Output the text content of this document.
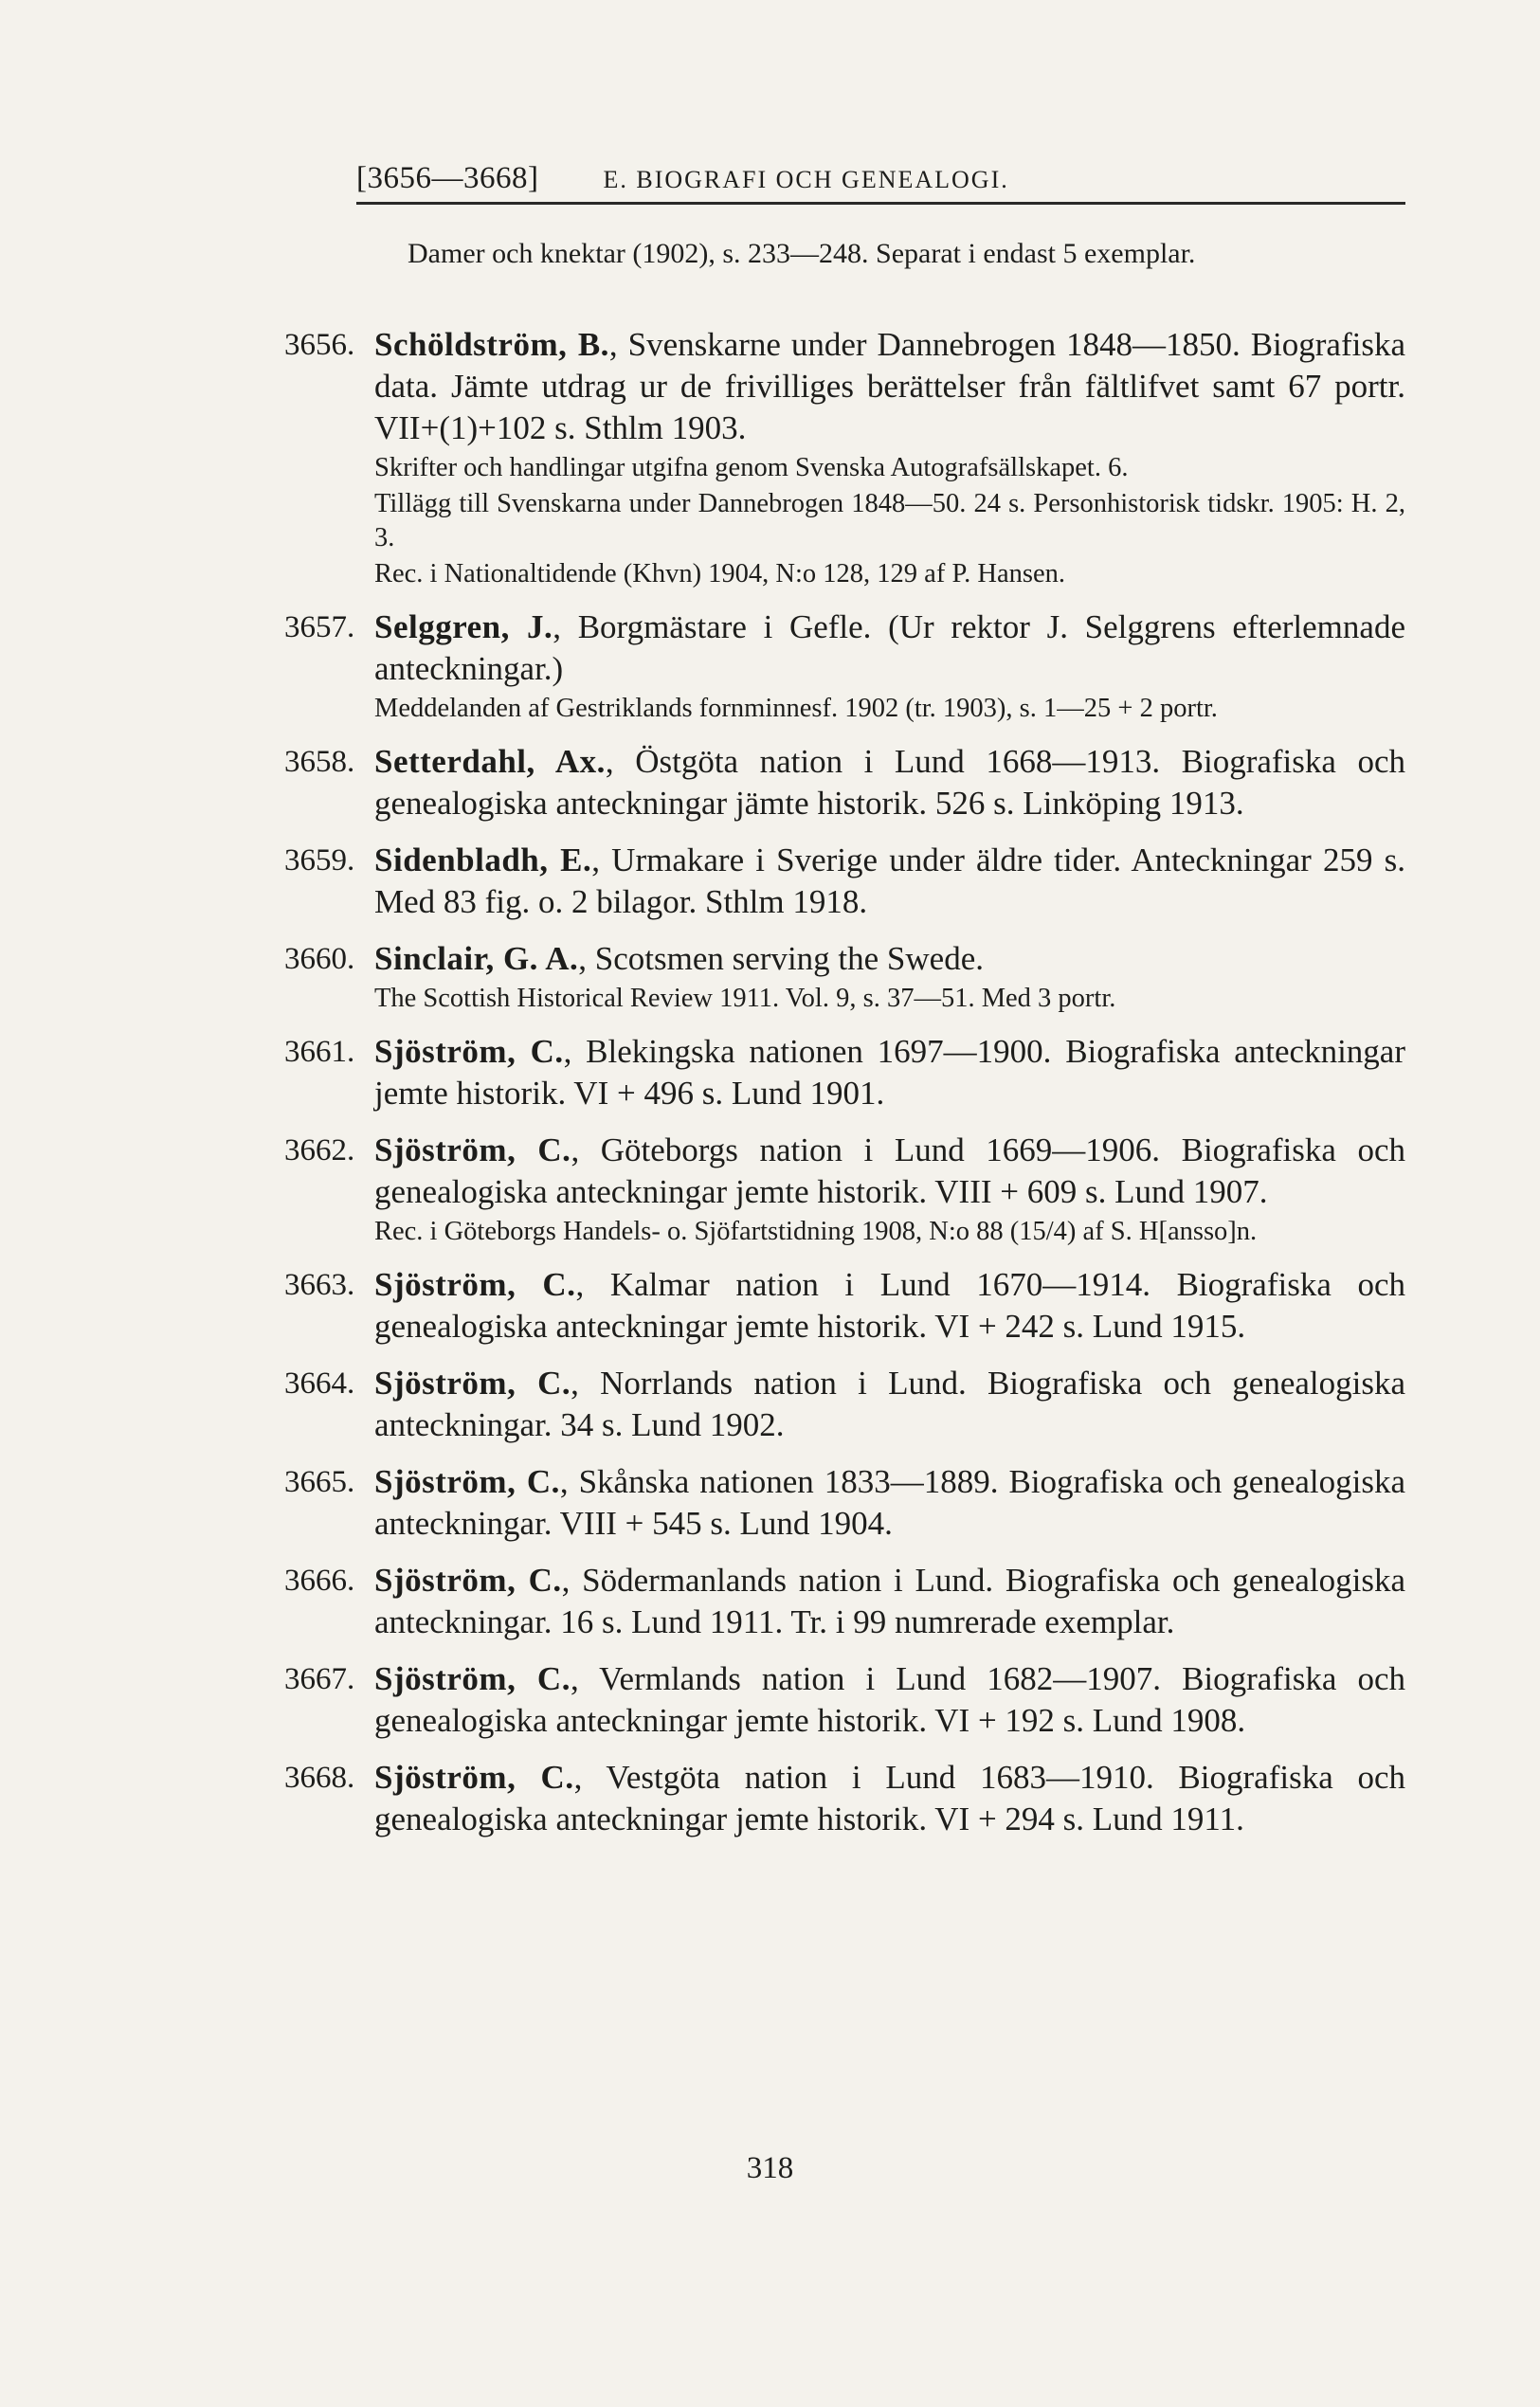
[3656—3668]	E. BIOGRAFI OCH GENEALOGI.
Damer och knektar (1902), s. 233—248. Separat i endast 5 exemplar.
3656. Schöldström, B., Svenskarne under Dannebrogen 1848—1850. Biografiska data. Jämte utdrag ur de frivilliges berättelser från fältlifvet samt 67 portr. VII+(1)+102 s. Sthlm 1903.
Skrifter och handlingar utgifna genom Svenska Autografsällskapet. 6.
Tillägg till Svenskarna under Dannebrogen 1848—50. 24 s. Personhistorisk tidskr. 1905: H. 2, 3.
Rec. i Nationaltidende (Khvn) 1904, N:o 128, 129 af P. Hansen.
3657. Selggren, J., Borgmästare i Gefle. (Ur rektor J. Selggrens efterlemnade anteckningar.)
Meddelanden af Gestriklands fornminnesf. 1902 (tr. 1903), s. 1—25 + 2 portr.
3658. Setterdahl, Ax., Östgöta nation i Lund 1668—1913. Biografiska och genealogiska anteckningar jämte historik. 526 s. Linköping 1913.
3659. Sidenbladh, E., Urmakare i Sverige under äldre tider. Anteckningar 259 s. Med 83 fig. o. 2 bilagor. Sthlm 1918.
3660. Sinclair, G. A., Scotsmen serving the Swede.
The Scottish Historical Review 1911. Vol. 9, s. 37—51. Med 3 portr.
3661. Sjöström, C., Blekingska nationen 1697—1900. Biografiska anteckningar jemte historik. VI + 496 s. Lund 1901.
3662. Sjöström, C., Göteborgs nation i Lund 1669—1906. Biografiska och genealogiska anteckningar jemte historik. VIII + 609 s. Lund 1907.
Rec. i Göteborgs Handels- o. Sjöfartstidning 1908, N:o 88 (15/4) af S. H[ansso]n.
3663. Sjöström, C., Kalmar nation i Lund 1670—1914. Biografiska och genealogiska anteckningar jemte historik. VI + 242 s. Lund 1915.
3664. Sjöström, C., Norrlands nation i Lund. Biografiska och genealogiska anteckningar. 34 s. Lund 1902.
3665. Sjöström, C., Skånska nationen 1833—1889. Biografiska och genealogiska anteckningar. VIII + 545 s. Lund 1904.
3666. Sjöström, C., Södermanlands nation i Lund. Biografiska och genealogiska anteckningar. 16 s. Lund 1911. Tr. i 99 numrerade exemplar.
3667. Sjöström, C., Vermlands nation i Lund 1682—1907. Biografiska och genealogiska anteckningar jemte historik. VI + 192 s. Lund 1908.
3668. Sjöström, C., Vestgöta nation i Lund 1683—1910. Biografiska och genealogiska anteckningar jemte historik. VI + 294 s. Lund 1911.
318
